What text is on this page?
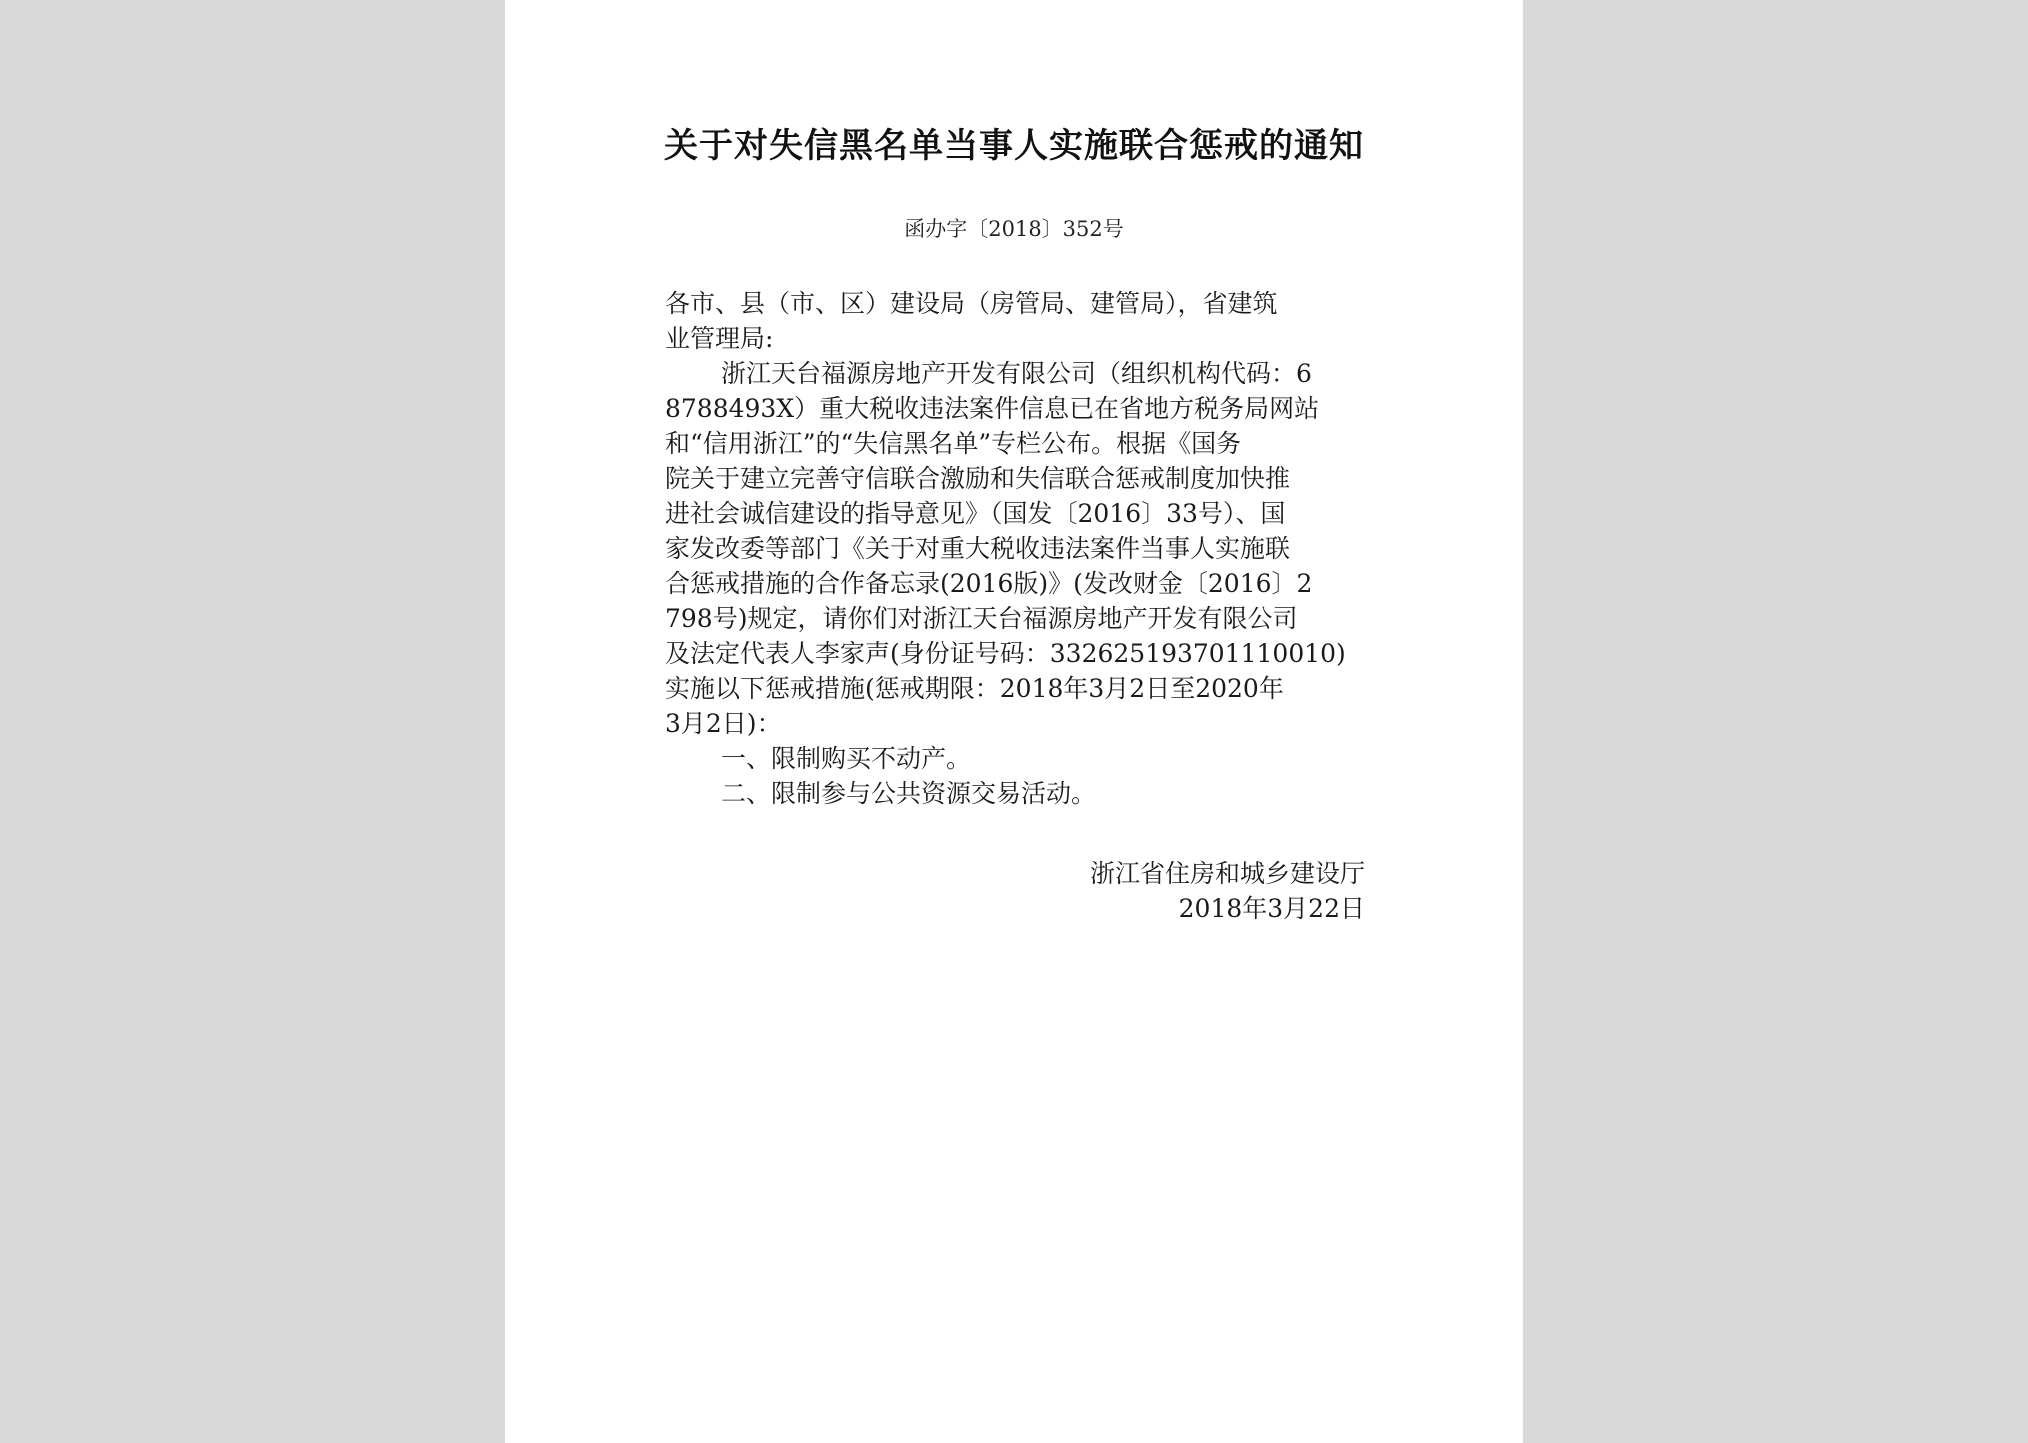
关于对失信黑名单当事人实施联合惩戒的通知
函办字〔2018〕352号
各市、县（市、区）建设局（房管局、建管局），省建筑
业管理局:
浙江天台福源房地产开发有限公司（组织机构代码：6
8788493X）重大税收违法案件信息已在省地方税务局网站
和“信用浙江”的“失信黑名单”专栏公布。根据《国务
院关于建立完善守信联合激励和失信联合惩戒制度加快推
进社会诚信建设的指导意见》（国发〔2016〕33号）、国
家发改委等部门《关于对重大税收违法案件当事人实施联
合惩戒措施的合作备忘录(2016版)》(发改财金〔2016〕2
798号)规定，请你们对浙江天台福源房地产开发有限公司
及法定代表人李家声(身份证号码：332625193701110010)
实施以下惩戒措施(惩戒期限：2018年3月2日至2020年
3月2日)：
一、限制购买不动产。
二、限制参与公共资源交易活动。
浙江省住房和城乡建设厅
2018年3月22日
